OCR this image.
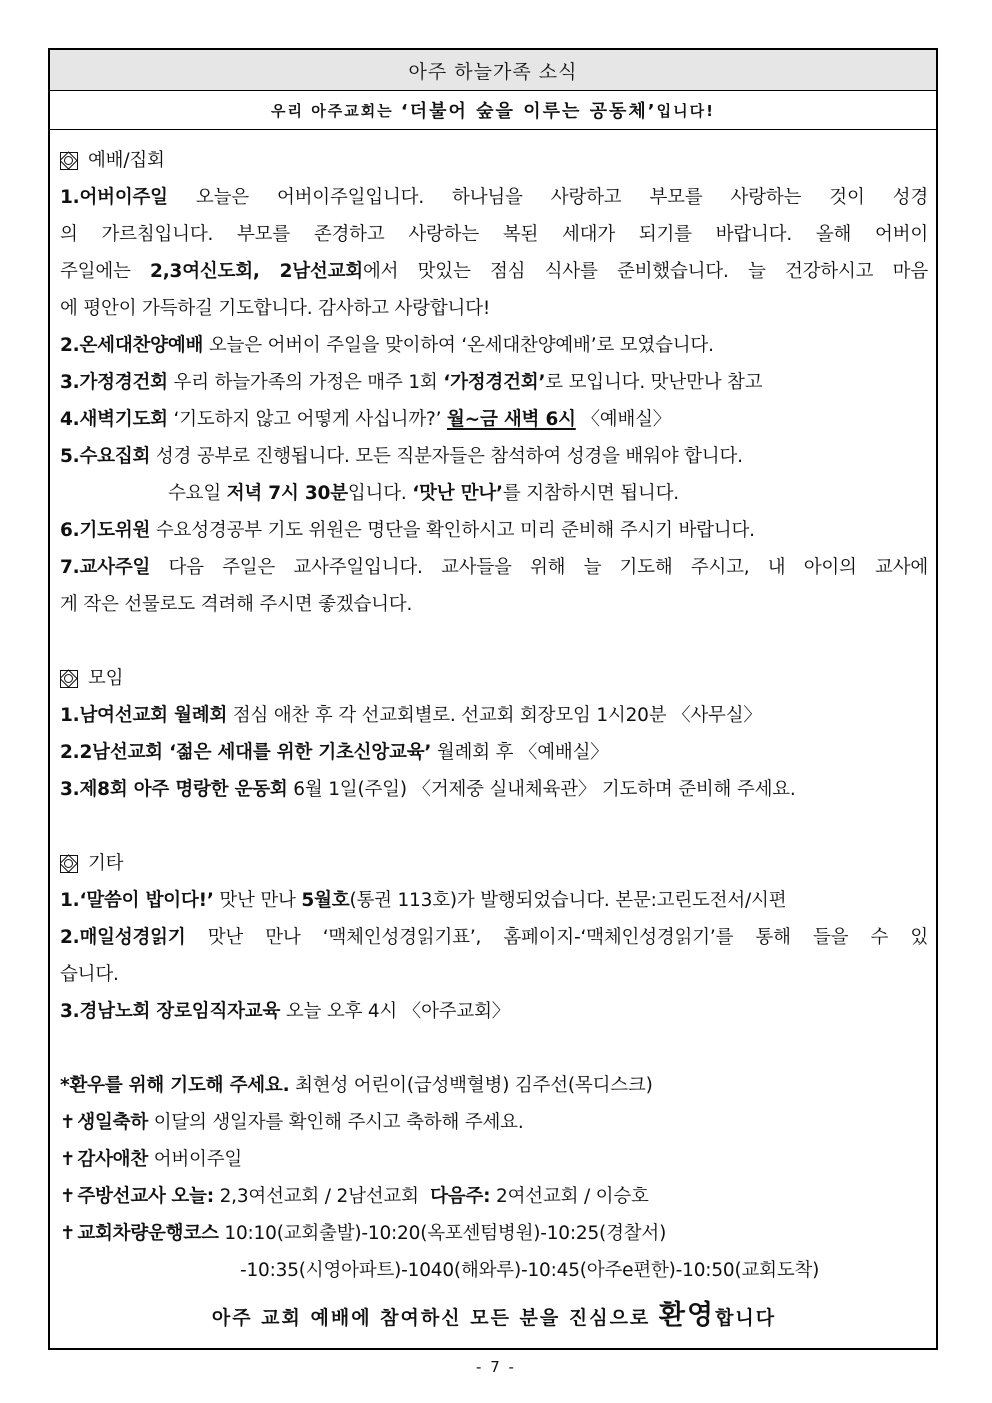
아주 하늘가족 소식
우리 아주교회는
‘더불어 숲을 이루는 공동체’ 입니다!
예배/집회
1.어버이주일 오늘은 어버이주일입니다. 하나님을 사랑하고 부모를 사랑하는 것이 성경
의 가르침입니다. 부모를 존경하고 사랑하는 복된 세대가 되기를 바랍니다. 올해 어버이
주일에는 2,3여신도회, 2남선교회에서 맛있는 점심 식사를 준비했습니다. 늘 건강하시고 마음
에 평안이 가득하길 기도합니다. 감사하고 사랑합니다!
2.온세대찬양예배 오늘은 어버이 주일을 맞이하여 ‘온세대찬양예배’로 모였습니다.
3.가정경건회 우리 하늘가족의 가정은 매주 1회 ‘가정경건회’로 모입니다. 맛난만나 참고
4.새벽기도회 ‘기도하지 않고 어떻게 사십니까?’ 월~금 새벽 6시 〈예배실〉
5.수요집회 성경 공부로 진행됩니다. 모든 직분자들은 참석하여 성경을 배워야 합니다.
수요일 저녁 7시 30분입니다. ‘맛난 만나’를 지참하시면 됩니다.
6.기도위원 수요성경공부 기도 위원은 명단을 확인하시고 미리 준비해 주시기 바랍니다.
7.교사주일 다음 주일은 교사주일입니다. 교사들을 위해 늘 기도해 주시고, 내 아이의 교사에
게 작은 선물로도 격려해 주시면 좋겠습니다.
모임
1.남여선교회 월례회 점심 애찬 후 각 선교회별로. 선교회 회장모임 1시20분 〈사무실〉
2.2남선교회 ‘젊은 세대를 위한 기초신앙교육’ 월례회 후 〈예배실〉
3.제8회 아주 명랑한 운동회 6월 1일(주일) 〈거제중 실내체육관〉 기도하며 준비해 주세요.
기타
1.‘말씀이 밥이다!’ 맛난 만나 5월호(통권 113호)가 발행되었습니다. 본문:고린도전서/시편
2.매일성경읽기 맛난 만나 ‘맥체인성경읽기표’, 홈페이지-‘맥체인성경읽기’를 통해 들을 수 있
습니다.
3.경남노회 장로임직자교육 오늘 오후 4시 〈아주교회〉
*환우를 위해 기도해 주세요. 최현성 어린이(급성백혈병) 김주선(목디스크)
✝ 생일축하 이달의 생일자를 확인해 주시고 축하해 주세요.
✝ 감사애찬 어버이주일
✝ 주방선교사 오늘: 2,3여선교회 / 2남선교회 다음주: 2여선교회 / 이승호
✝ 교회차량운행코스 10:10(교회출발)-10:20(옥포센텀병원)-10:25(경찰서)
-10:35(시영아파트)-1040(해와루)-10:45(아주e편한)-10:50(교회도착)
아주 교회 예배에 참여하신 모든 분을 진심으로 환영합니다
- 7 -
